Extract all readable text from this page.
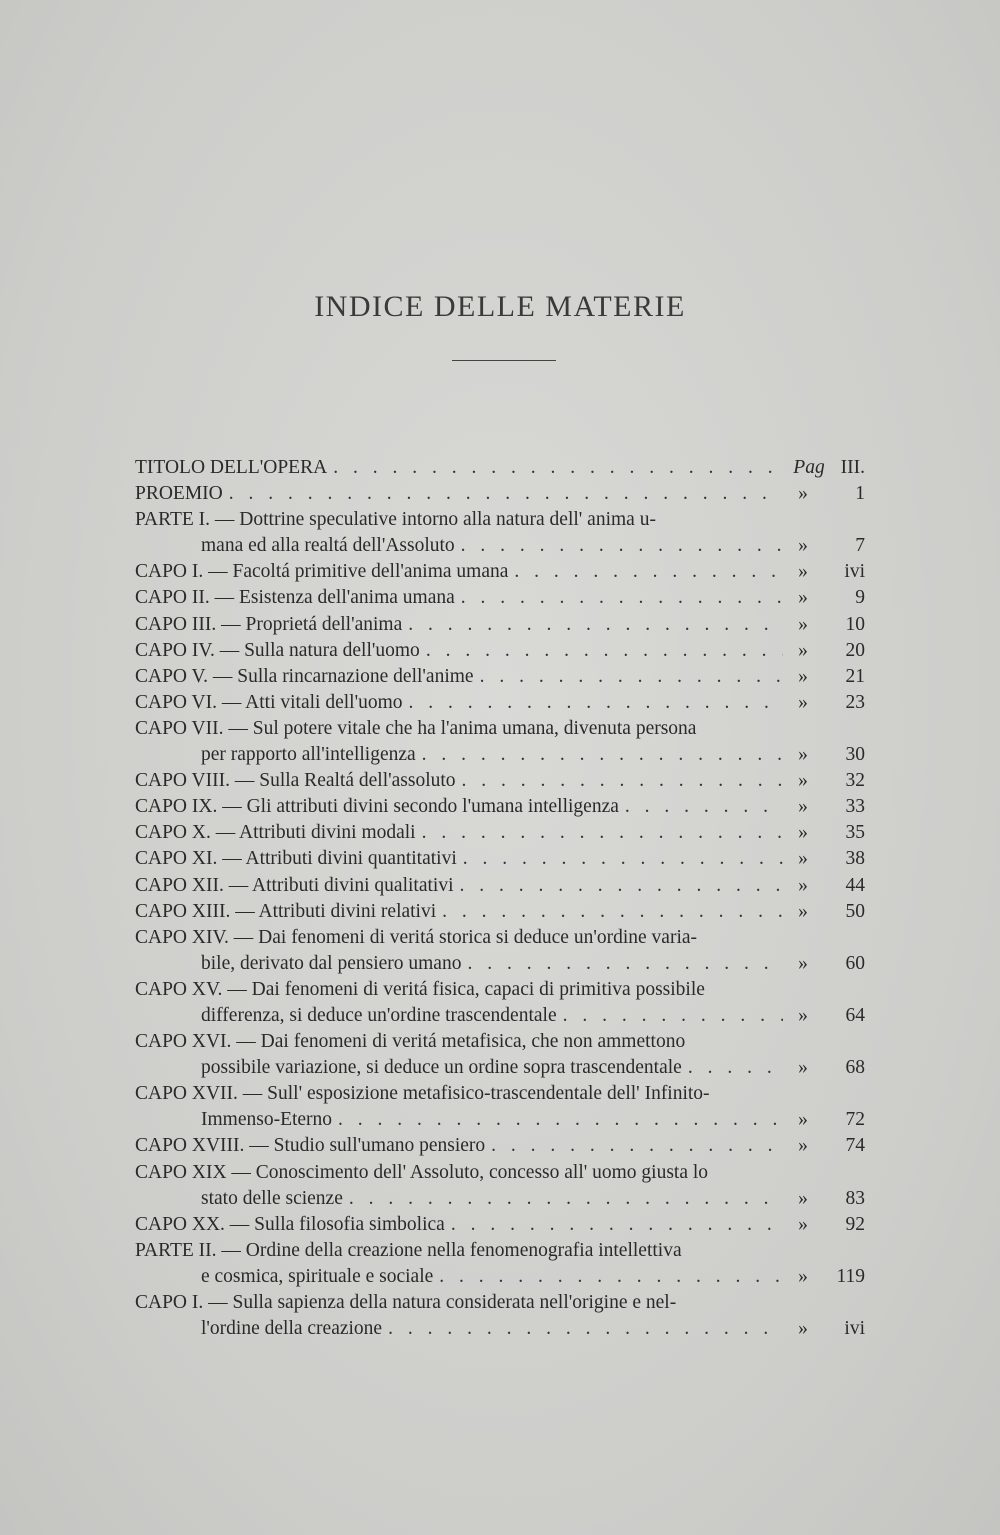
INDICE DELLE MATERIE
TITOLO DELL'OPERA . . .	Pag III.
PROEMIO . . .	»	1
PARTE I. — Dottrine speculative intorno alla natura dell' anima u-
mana ed alla realtá dell'Assoluto . . .	»	7
CAPO I. — Facoltá primitive dell'anima umana . . .	»	ivi
CAPO II. — Esistenza dell'anima umana . . .	»	9
CAPO III. — Proprietá dell'anima . . .	»	10
CAPO IV. — Sulla natura dell'uomo . . .	»	20
CAPO V. — Sulla rincarnazione dell'anime . . .	»	21
CAPO VI. — Atti vitali dell'uomo . . .	»	23
CAPO VII. — Sul potere vitale che ha l'anima umana, divenuta persona
per rapporto all'intelligenza . . .	»	30
CAPO VIII. — Sulla Realtá dell'assoluto . . .	»	32
CAPO IX. — Gli attributi divini secondo l'umana intelligenza . . .	»	33
CAPO X. — Attributi divini modali . . .	»	35
CAPO XI. — Attributi divini quantitativi . . .	»	38
CAPO XII. — Attributi divini qualitativi . . .	»	44
CAPO XIII. — Attributi divini relativi . . .	»	50
CAPO XIV. — Dai fenomeni di veritá storica si deduce un'ordine varia-
bile, derivato dal pensiero umano . . .	»	60
CAPO XV. — Dai fenomeni di veritá fisica, capaci di primitiva possibile
differenza, si deduce un'ordine trascendentale . . .	»	64
CAPO XVI. — Dai fenomeni di veritá metafisica, che non ammettono
possibile variazione, si deduce un ordine sopra trascendentale . . .	»	68
CAPO XVII. — Sull' esposizione metafisico-trascendentale dell' Infinito-
Immenso-Eterno . . .	»	72
CAPO XVIII. — Studio sull'umano pensiero . . .	»	74
CAPO XIX — Conoscimento dell' Assoluto, concesso all' uomo giusta lo
stato delle scienze . . .	»	83
CAPO XX. — Sulla filosofia simbolica . . .	»	92
PARTE II. — Ordine della creazione nella fenomenografia intellettiva
e cosmica, spirituale e sociale . . .	»	119
CAPO I. — Sulla sapienza della natura considerata nell'origine e nel-
l'ordine della creazione . . .	»	ivi
